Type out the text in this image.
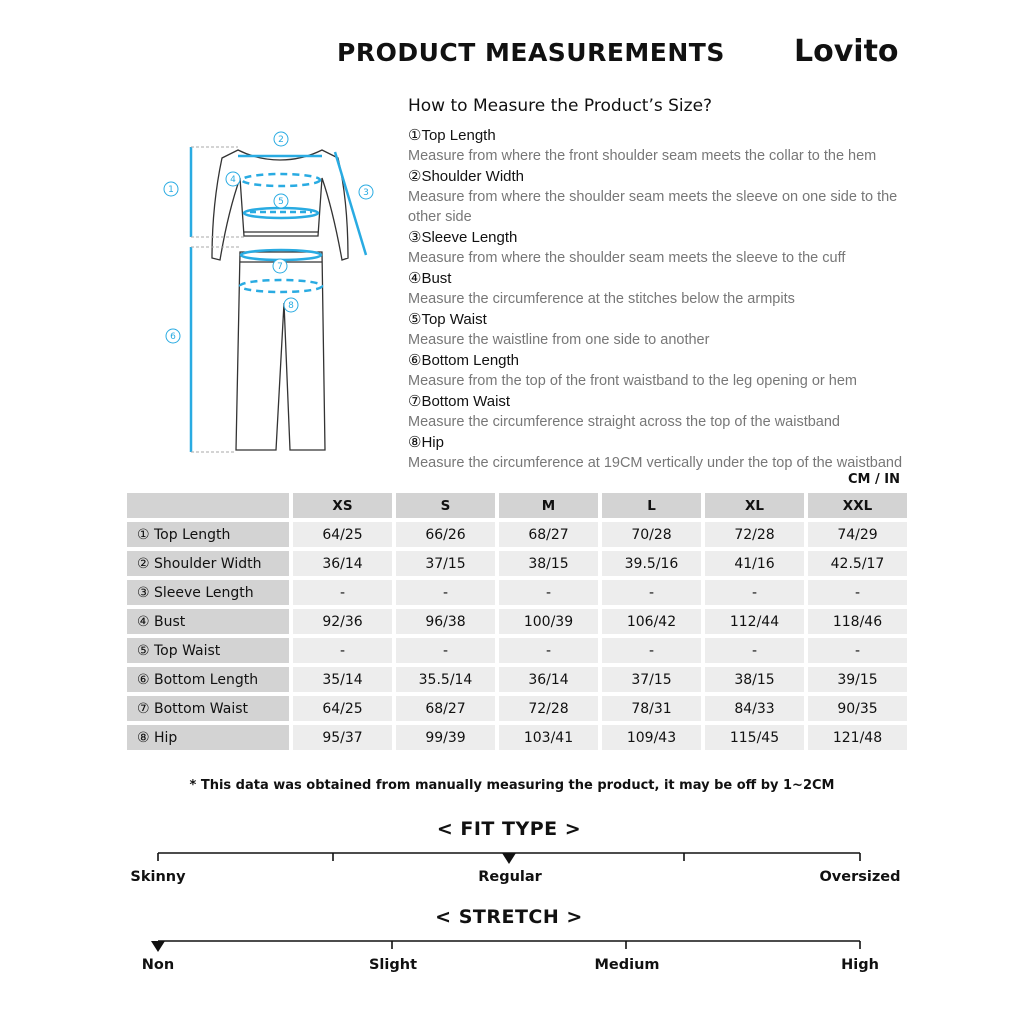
PRODUCT MEASUREMENTS Lovito
2
1	3
4
5
6
7
8
How to Measure the Product’s Size?
①Top Length
Measure from where the front shoulder seam meets the collar to the hem
②Shoulder Width
Measure from where the shoulder seam meets the sleeve on one side to the other side
③Sleeve Length
Measure from where the shoulder seam meets the sleeve to the cuff
④Bust
Measure the circumference at the stitches below the armpits
⑤Top Waist
Measure the waistline from one side to another
⑥Bottom Length
Measure from the top of the front waistband to the leg opening or hem
⑦Bottom Waist
Measure the circumference straight across the top of the waistband
⑧Hip
Measure the circumference at 19CM vertically under the top of the waistband
CM / IN
	XS	S	M	L	XL	XXL
① Top Length	64/25	66/26	68/27	70/28	72/28	74/29
② Shoulder Width	36/14	37/15	38/15	39.5/16	41/16	42.5/17
③ Sleeve Length	-	-	-	-	-	-
④ Bust	92/36	96/38	100/39	106/42	112/44	118/46
⑤ Top Waist	-	-	-	-	-	-
⑥ Bottom Length	35/14	35.5/14	36/14	37/15	38/15	39/15
⑦ Bottom Waist	64/25	68/27	72/28	78/31	84/33	90/35
⑧ Hip	95/37	99/39	103/41	109/43	115/45	121/48
* This data was obtained from manually measuring the product, it may be off by 1~2CM
< FIT TYPE >
< STRETCH >
Skinny	Regular	Oversized
Non	Slight	Medium	High
